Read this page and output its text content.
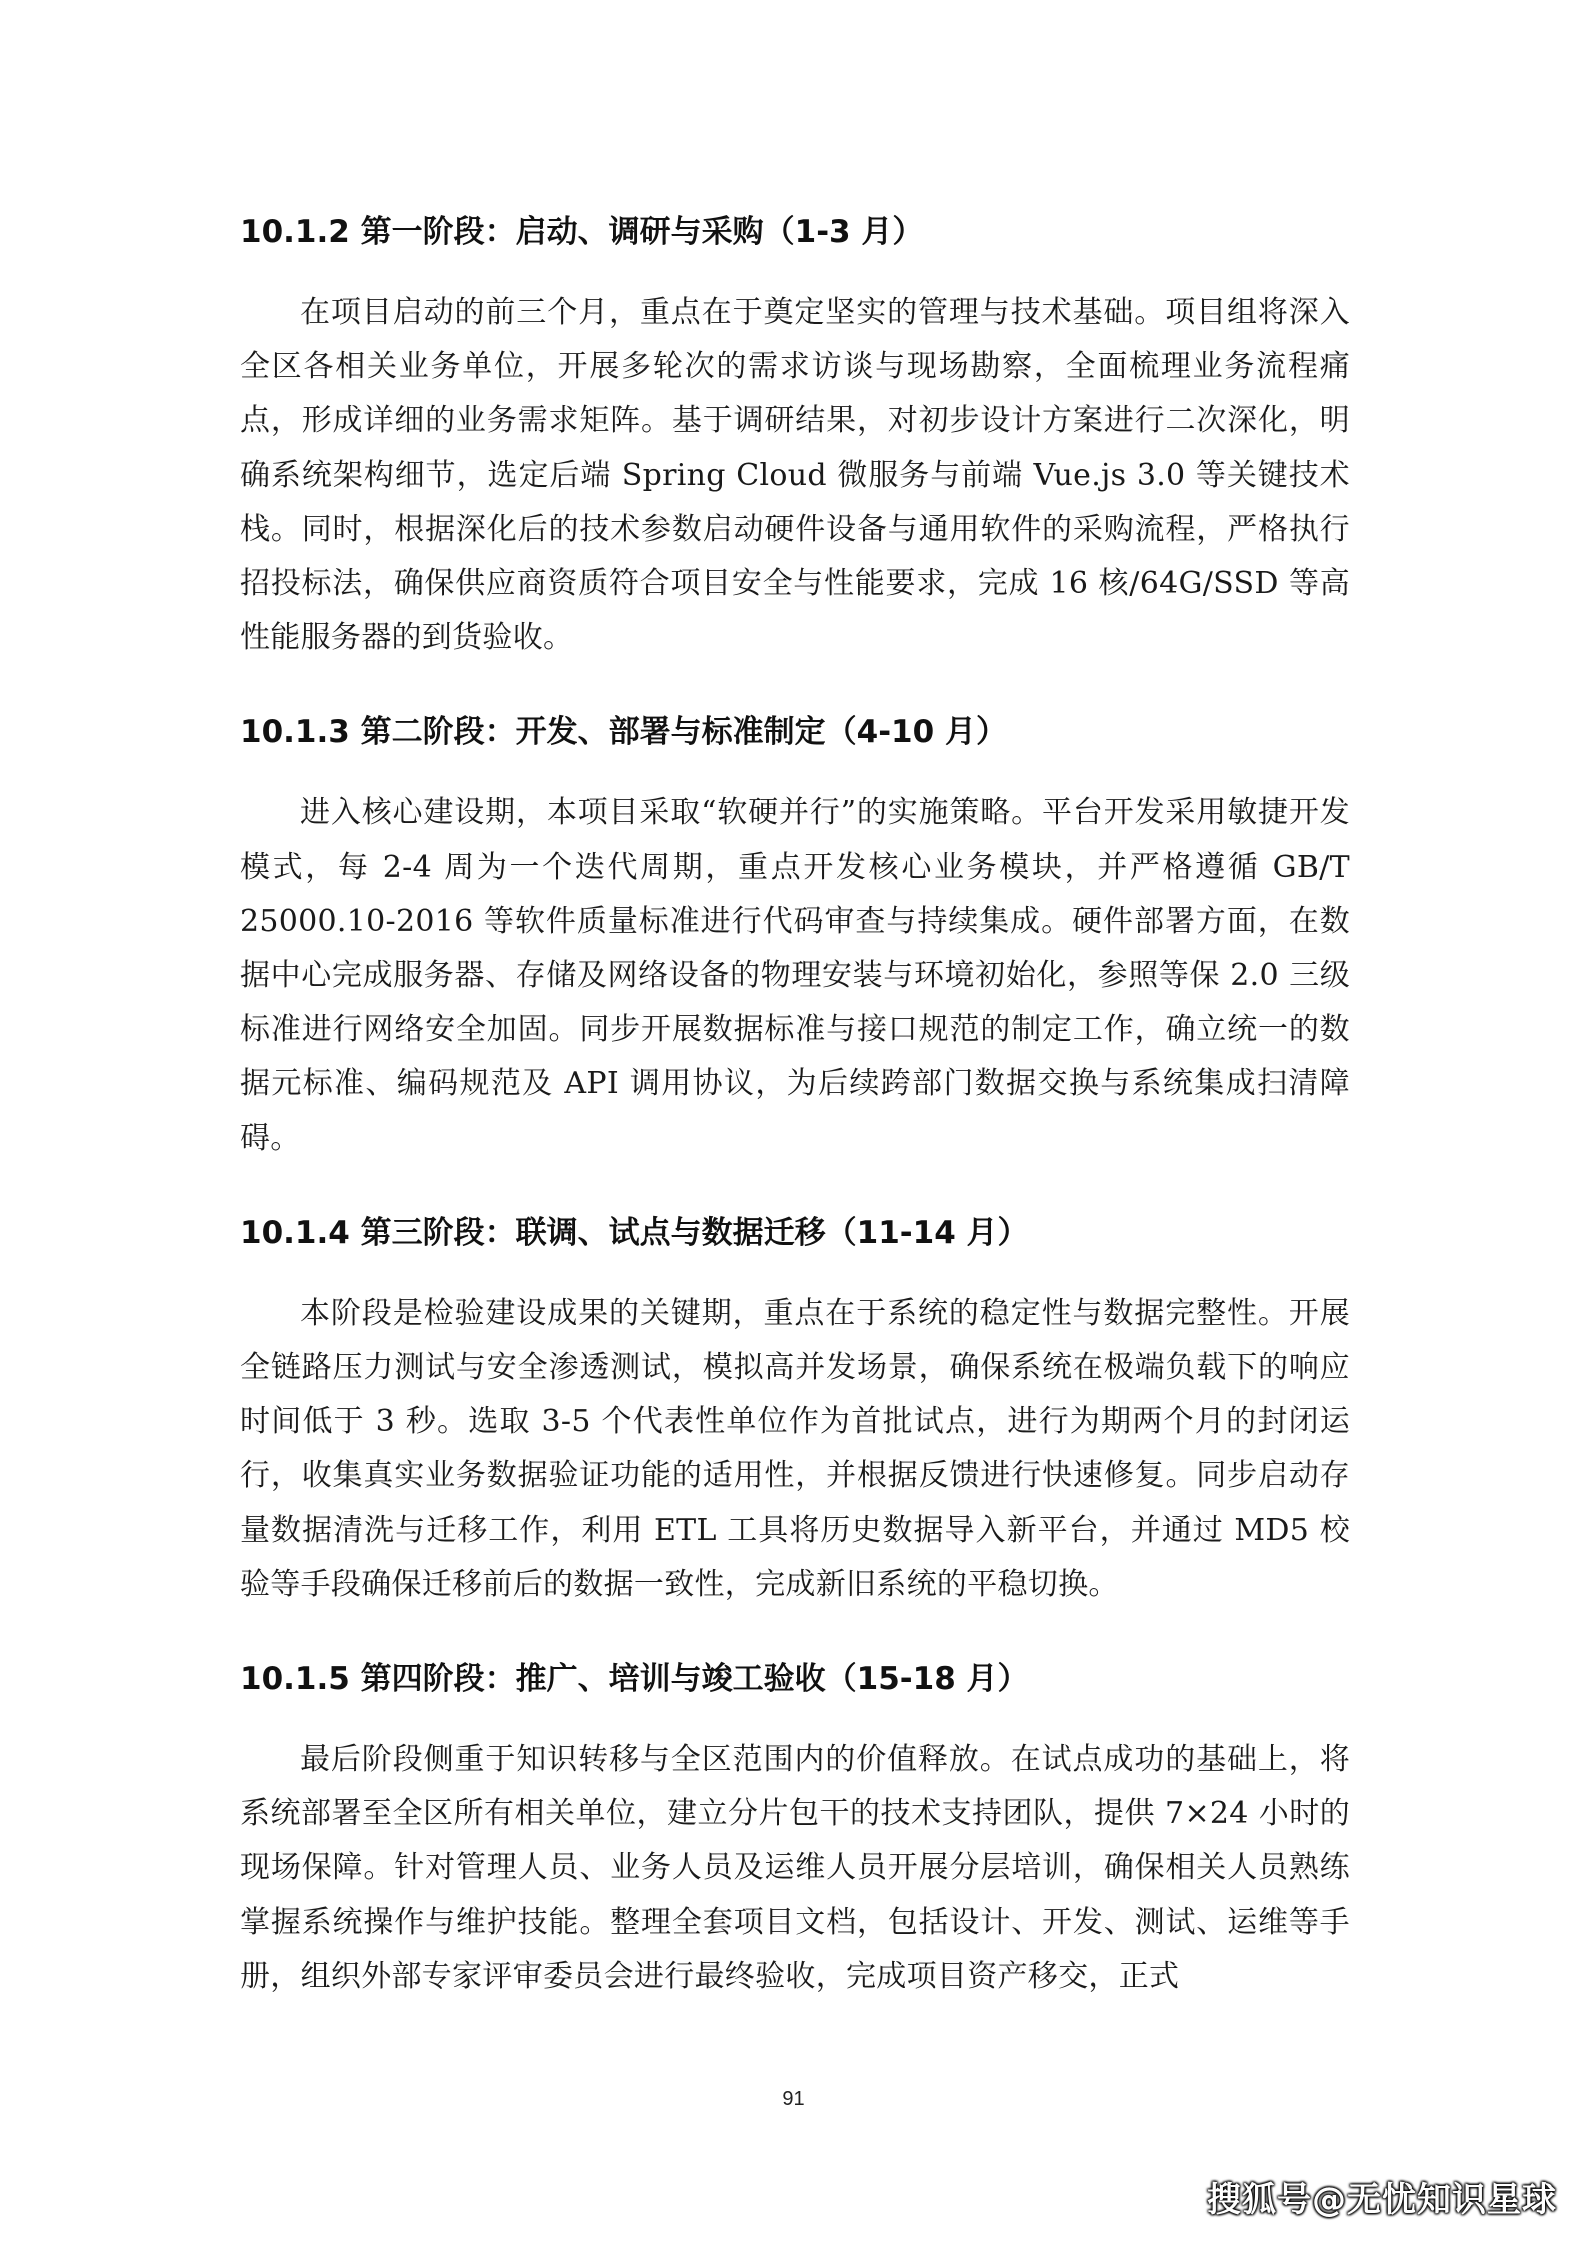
10.1.2 第一阶段：启动、调研与采购（1-3 月）
在项目启动的前三个月，重点在于奠定坚实的管理与技术基础。项目组将深入全区各相关业务单位，开展多轮次的需求访谈与现场勘察，全面梳理业务流程痛点，形成详细的业务需求矩阵。基于调研结果，对初步设计方案进行二次深化，明确系统架构细节，选定后端 Spring Cloud 微服务与前端 Vue.js 3.0 等关键技术栈。同时，根据深化后的技术参数启动硬件设备与通用软件的采购流程，严格执行招投标法，确保供应商资质符合项目安全与性能要求，完成 16 核/64G/SSD 等高性能服务器的到货验收。
10.1.3 第二阶段：开发、部署与标准制定（4-10 月）
进入核心建设期，本项目采取“软硬并行”的实施策略。平台开发采用敏捷开发模式，每 2-4 周为一个迭代周期，重点开发核心业务模块，并严格遵循 GB/T 25000.10-2016 等软件质量标准进行代码审查与持续集成。硬件部署方面，在数据中心完成服务器、存储及网络设备的物理安装与环境初始化，参照等保 2.0 三级标准进行网络安全加固。同步开展数据标准与接口规范的制定工作，确立统一的数据元标准、编码规范及 API 调用协议，为后续跨部门数据交换与系统集成扫清障碍。
10.1.4 第三阶段：联调、试点与数据迁移（11-14 月）
本阶段是检验建设成果的关键期，重点在于系统的稳定性与数据完整性。开展全链路压力测试与安全渗透测试，模拟高并发场景，确保系统在极端负载下的响应时间低于 3 秒。选取 3-5 个代表性单位作为首批试点，进行为期两个月的封闭运行，收集真实业务数据验证功能的适用性，并根据反馈进行快速修复。同步启动存量数据清洗与迁移工作，利用 ETL 工具将历史数据导入新平台，并通过 MD5 校验等手段确保迁移前后的数据一致性，完成新旧系统的平稳切换。
10.1.5 第四阶段：推广、培训与竣工验收（15-18 月）
最后阶段侧重于知识转移与全区范围内的价值释放。在试点成功的基础上，将系统部署至全区所有相关单位，建立分片包干的技术支持团队，提供 7×24 小时的现场保障。针对管理人员、业务人员及运维人员开展分层培训，确保相关人员熟练掌握系统操作与维护技能。整理全套项目文档，包括设计、开发、测试、运维等手册，组织外部专家评审委员会进行最终验收，完成项目资产移交，正式
91
搜狐号@无忧知识星球
